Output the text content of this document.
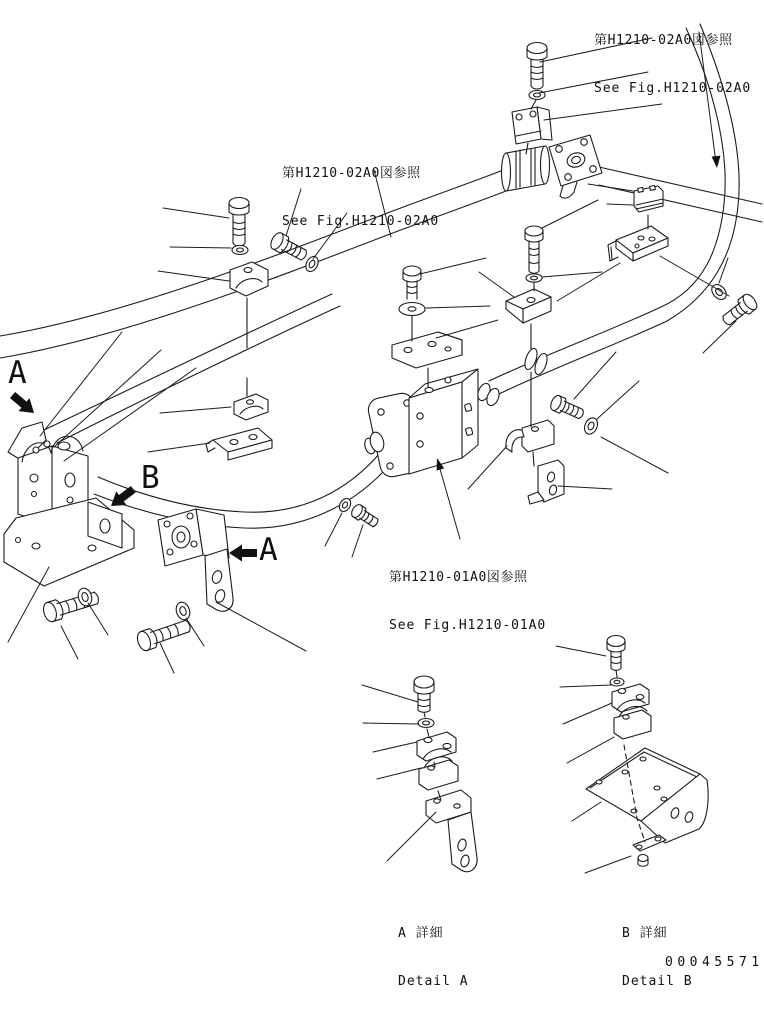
第H1210-02A0図参照

See Fig.H1210-02A0

第H1210-02A0図参照

See Fig.H1210-02A0

第H1210-01A0図参照

See Fig.H1210-01A0

A
B
A

A 詳細

Detail A

B 詳細

Detail B

00045571
